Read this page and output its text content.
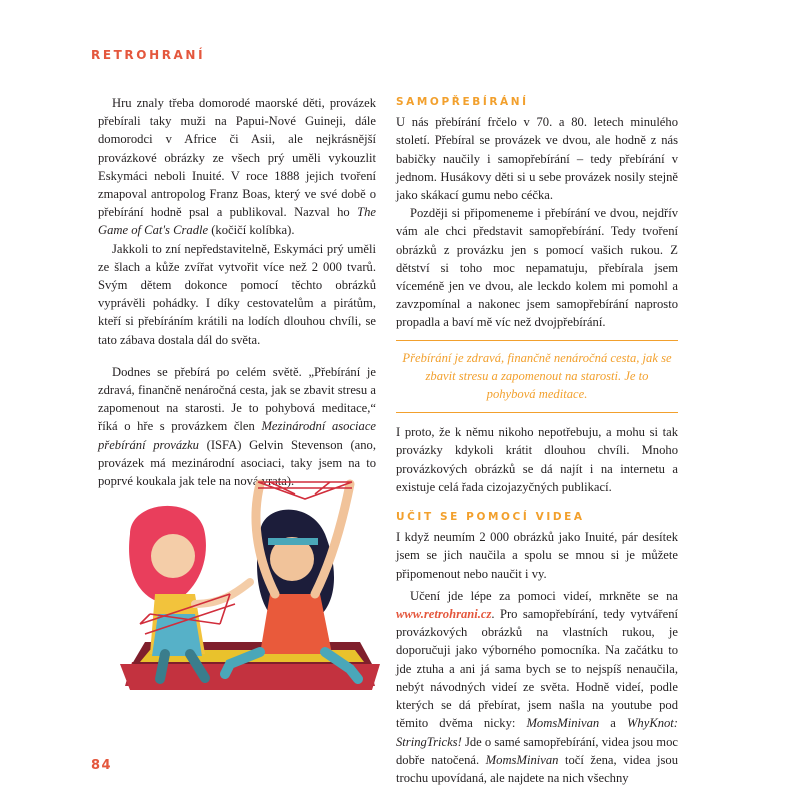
RETROHRANÍ

Hru znaly třeba domorodé maorské děti, provázek přebírali taky muži na Papui-Nové Guineji, dále domorodci v Africe či Asii, ale nejkrásnější provázkové obrázky ze všech prý uměli vykouzlit Eskymáci neboli Inuité. V roce 1888 jejich tvoření zmapoval antropolog Franz Boas, který ve své době o přebírání hodně psal a publikoval. Nazval ho The Game of Cat's Cradle (kočičí kolíbka).

Jakkoli to zní nepředstavitelně, Eskymáci prý uměli ze šlach a kůže zvířat vytvořit více než 2 000 tvarů. Svým dětem dokonce pomocí těchto obrázků vyprávěli pohádky. I díky cestovatelům a pirátům, kteří si přebíráním krátili na lodích dlouhou chvíli, se tato zábava dostala dál do světa.

Dodnes se přebírá po celém světě. „Přebírání je zdravá, finančně nenáročná cesta, jak se zbavit stresu a zapomenout na starosti. Je to pohybová meditace,“ říká o hře s provázkem člen Mezinárodní asociace přebírání provázku (ISFA) Gelvin Stevenson (ano, provázek má mezinárodní asociaci, taky jsem na to poprvé koukala jak tele na nová vrata).

SAMOPŘEBÍRÁNÍ

U nás přebírání frčelo v 70. a 80. letech minulého století. Přebíral se provázek ve dvou, ale hodně z nás babičky naučily i samopřebírání – tedy přebírání v jednom. Husákovy děti si u sebe provázek nosily stejně jako skákací gumu nebo céčka.

Později si připomeneme i přebírání ve dvou, nejdřív vám ale chci představit samopřebírání. Tedy tvoření obrázků z provázku jen s pomocí vašich rukou. Z dětství si toho moc nepamatuju, přebírala jsem víceméně jen ve dvou, ale leckdo kolem mi pomohl a zavzpomínal a nakonec jsem samopřebírání naprosto propadla a baví mě víc než dvojpřebírání.

Přebírání je zdravá, finančně nenáročná cesta, jak se zbavit stresu a zapomenout na starosti. Je to pohybová meditace.

I proto, že k němu nikoho nepotřebuju, a mohu si tak provázky kdykoli krátit dlouhou chvíli. Mnoho provázkových obrázků se dá najít i na internetu a existuje celá řada cizojazyčných publikací.

UČIT SE POMOCÍ VIDEA

I když neumím 2 000 obrázků jako Inuité, pár desítek jsem se jich naučila a spolu se mnou si je můžete připomenout nebo naučit i vy.

Učení jde lépe za pomoci videí, mrkněte se na www.retrohrani.cz. Pro samopřebírání, tedy vytváření provázkových obrázků na vlastních rukou, je doporučuji jako výborného pomocníka. Na začátku to jde ztuha a ani já sama bych se to nejspíš nenaučila, nebýt návodných videí ze světa. Hodně videí, podle kterých se dá přebírat, jsem našla na youtube pod těmito dvěma nicky: MomsMinivan a WhyKnot: StringTricks! Jde o samé samopřebírání, videa jsou moc dobře natočená. MomsMinivan točí žena, videa jsou trochu upovídaná, ale najdete na nich všechny

84
